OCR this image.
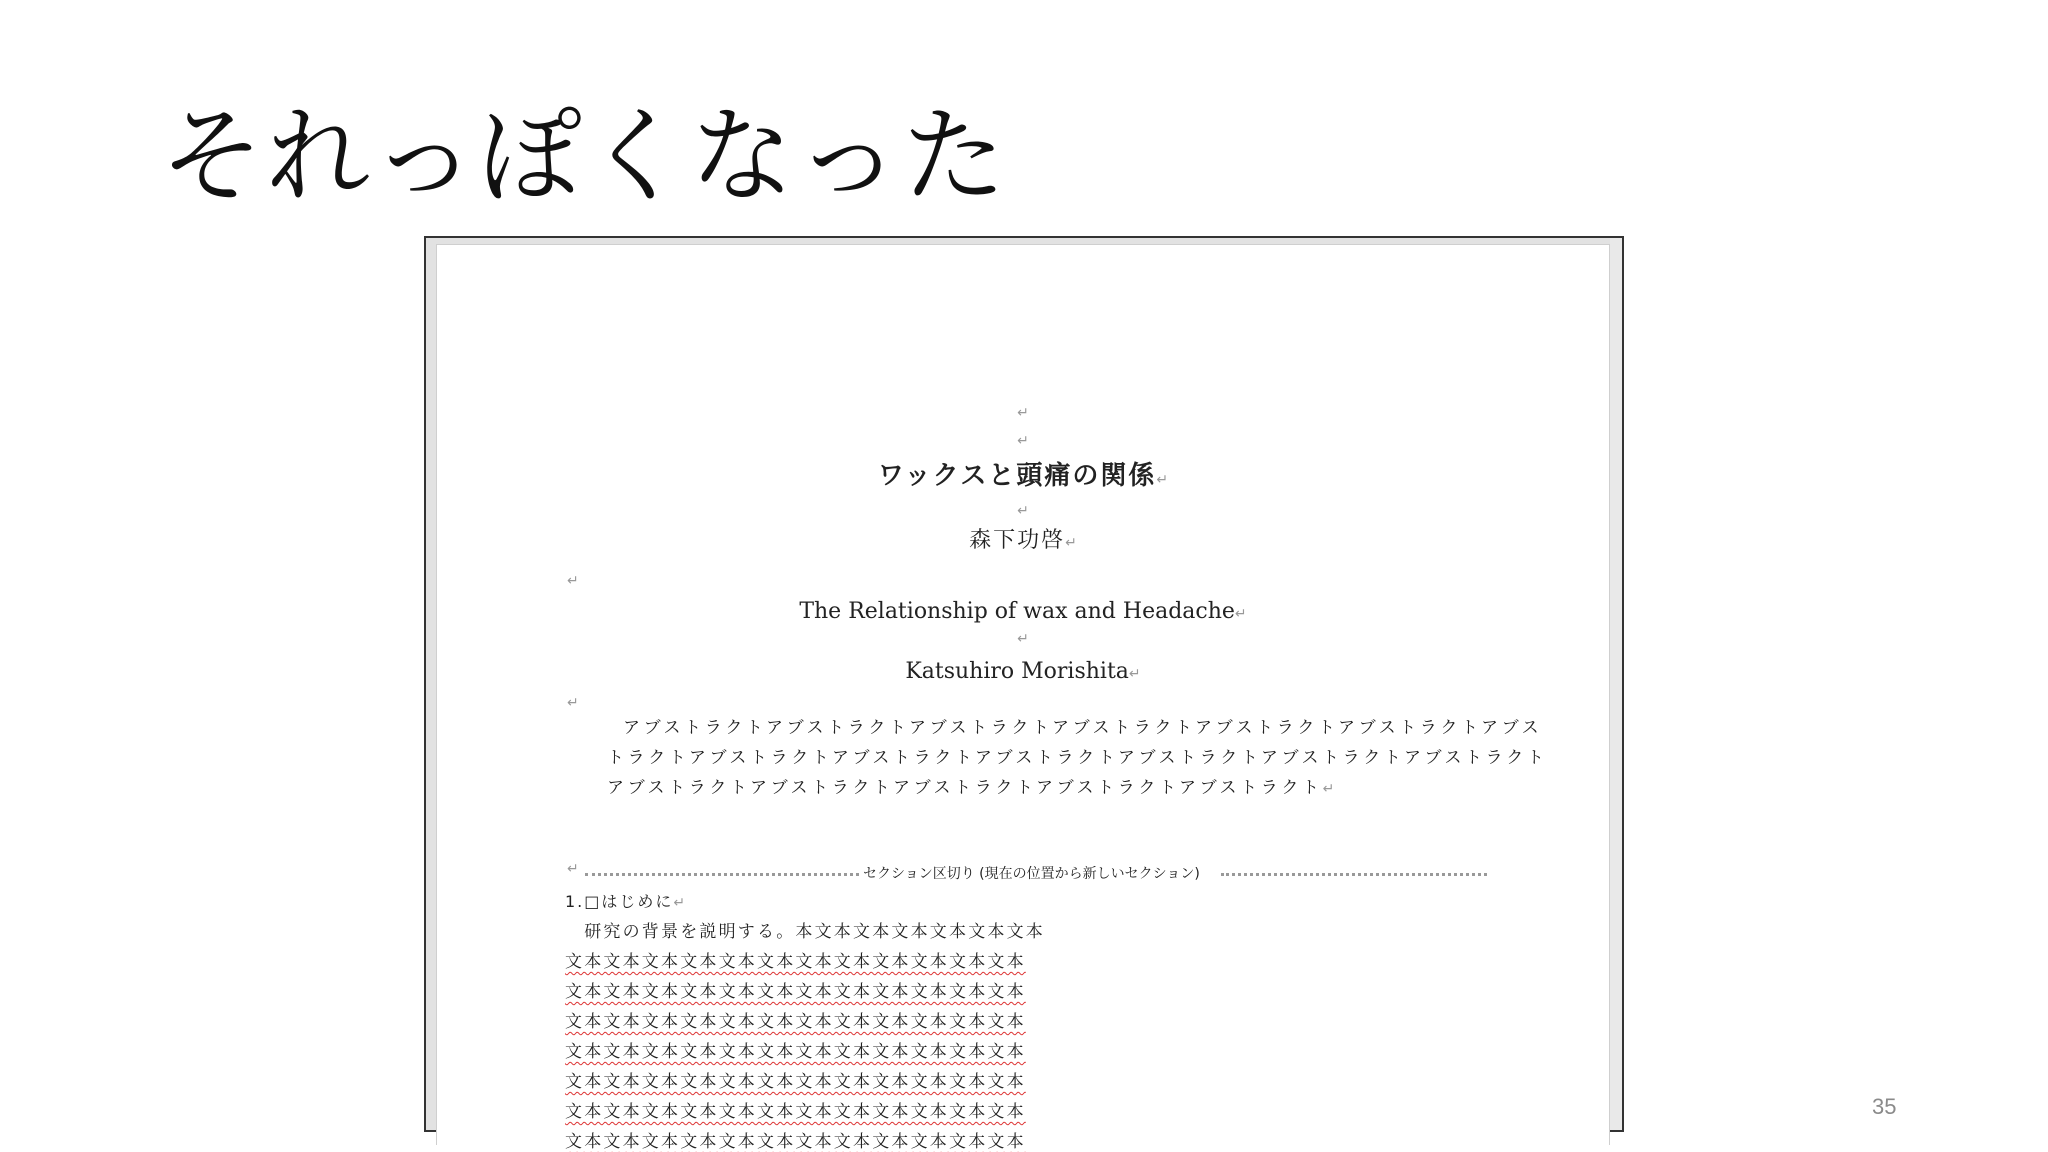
それっぽくなった
↵
↵
ワックスと頭痛の関係↵
↵
森下功啓↵
↵
The Relationship of wax and Headache↵
↵
Katsuhiro Morishita↵
↵
アブストラクトアブストラクトアブストラクトアブストラクトアブストラクトアブストラクトアブス
トラクトアブストラクトアブストラクトアブストラクトアブストラクトアブストラクトアブストラクト
アブストラクトアブストラクトアブストラクトアブストラクトアブストラクト↵
↵	セクション区切り (現在の位置から新しいセクション)
1.□はじめに↵
　研究の背景を説明する。本文本文本文本文本文本文本
文本文本文本文本文本文本文本文本文本文本文本文本
文本文本文本文本文本文本文本文本文本文本文本文本
文本文本文本文本文本文本文本文本文本文本文本文本
文本文本文本文本文本文本文本文本文本文本文本文本
文本文本文本文本文本文本文本文本文本文本文本文本
文本文本文本文本文本文本文本文本文本文本文本文本
文本文本文本文本文本文本文本文本文本文本文本文本
35
